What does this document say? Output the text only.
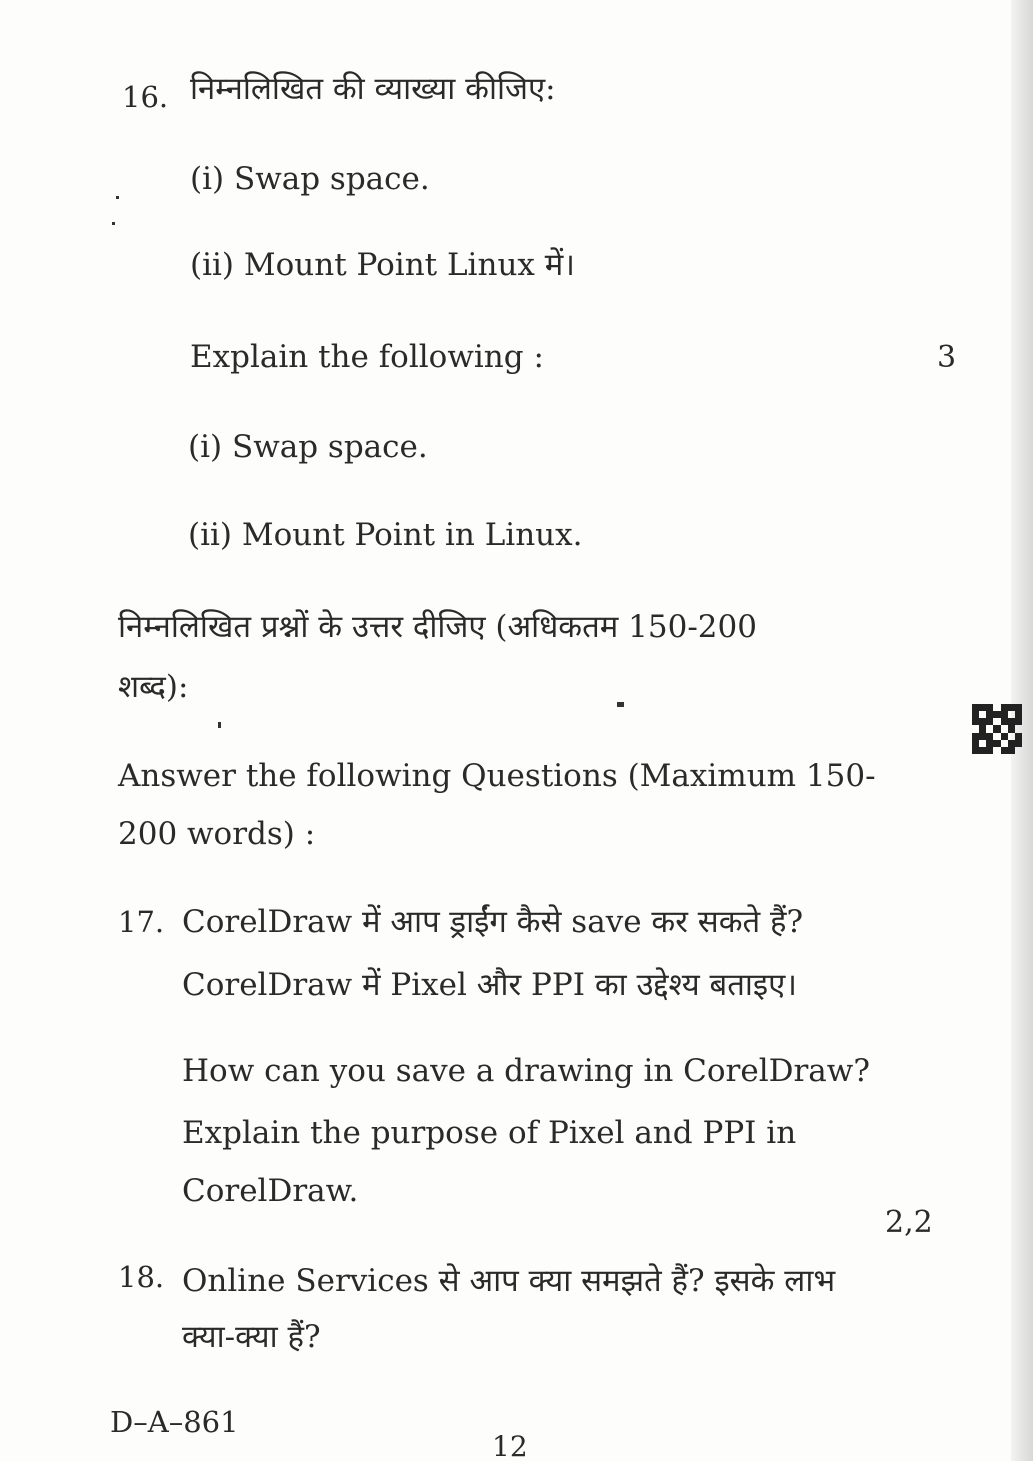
16. निम्नलिखित की व्याख्या कीजिए:
(i) Swap space.
(ii) Mount Point Linux में।
Explain the following :	3
(i) Swap space.
(ii) Mount Point in Linux.
निम्नलिखित प्रश्नों के उत्तर दीजिए (अधिकतम 150-200
शब्द):
Answer the following Questions (Maximum 150-
200 words) :
17. CorelDraw में आप ड्राईंग कैसे save कर सकते हैं?
CorelDraw में Pixel और PPI का उद्देश्य बताइए।
How can you save a drawing in CorelDraw?
Explain the purpose of Pixel and PPI in
CorelDraw.
2,2
18. Online Services से आप क्या समझते हैं? इसके लाभ
क्या-क्या हैं?
D–A–861
12
